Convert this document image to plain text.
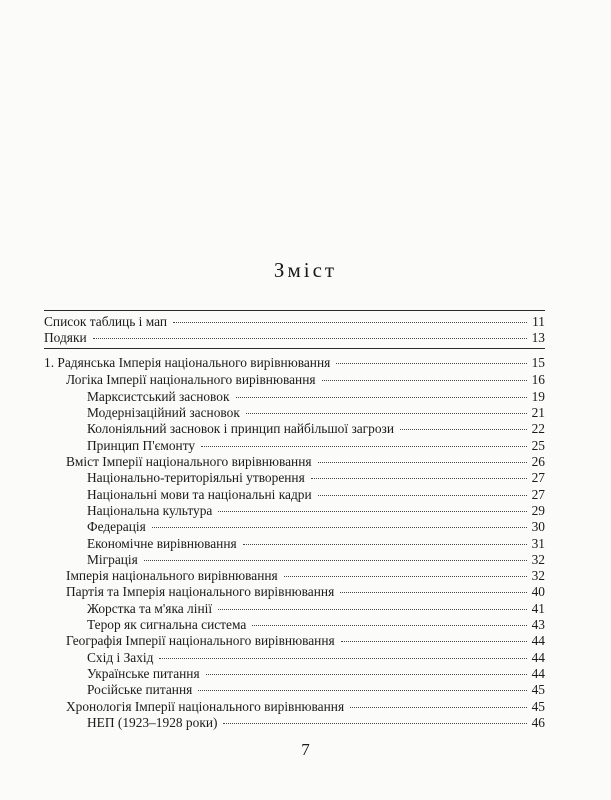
Зміст
Список таблиць і мап	11
Подяки	13
1. Радянська Імперія національного вирівнювання	15
Логіка Імперії національного вирівнювання	16
Марксистський засновок	19
Модернізаційний засновок	21
Колоніяльний засновок і принцип найбільшої загрози	22
Принцип П'ємонту	25
Вміст Імперії національного вирівнювання	26
Національно-територіяльні утворення	27
Національні мови та національні кадри	27
Національна культура	29
Федерація	30
Економічне вирівнювання	31
Міграція	32
Імперія національного вирівнювання	32
Партія та Імперія національного вирівнювання	40
Жорстка та м'яка лінії	41
Терор як сигнальна система	43
Географія Імперії національного вирівнювання	44
Схід і Захід	44
Українське питання	44
Російське питання	45
Хронологія Імперії національного вирівнювання	45
НЕП (1923–1928 роки)	46
7
